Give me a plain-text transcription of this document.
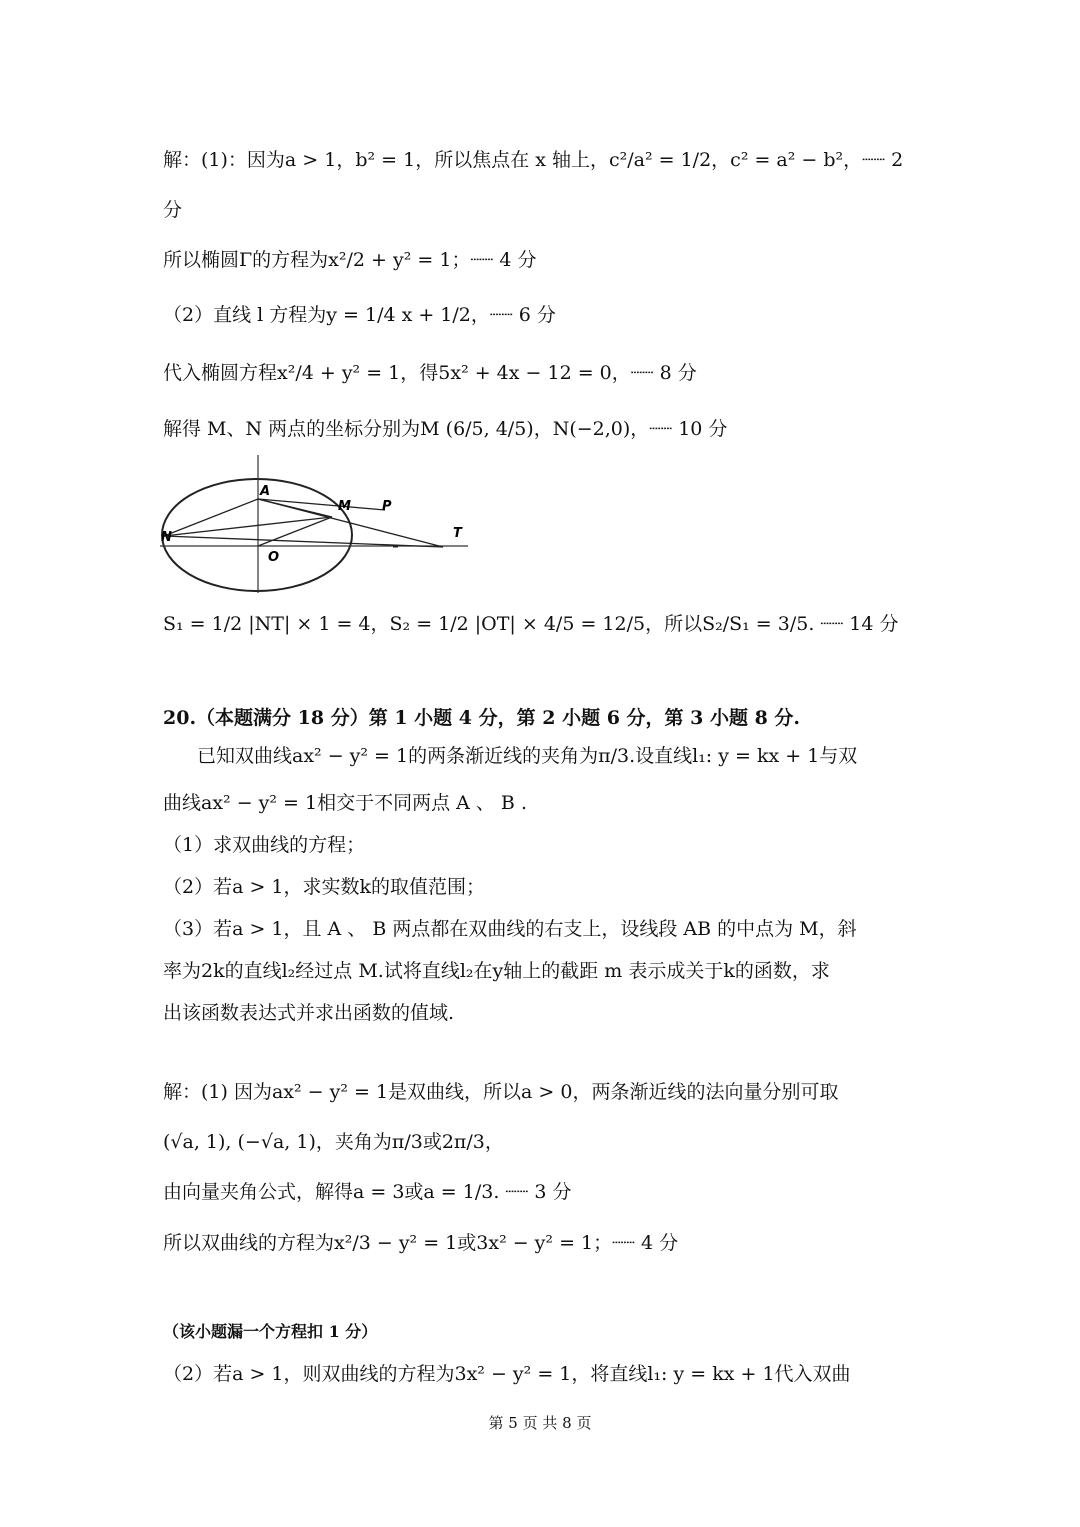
解：(1)：因为a > 1，b² = 1，所以焦点在 x 轴上，c²/a² = 1/2，c² = a² − b²，┈┈ 2
分
所以椭圆Γ的方程为x²/2 + y² = 1；┈┈ 4 分
（2）直线 l 方程为y = 1/4 x + 1/2，┈┈ 6 分
代入椭圆方程x²/4 + y² = 1，得5x² + 4x − 12 = 0，┈┈ 8 分
解得 M、N 两点的坐标分别为M (6/5, 4/5)，N(−2,0)，┈┈ 10 分
A
M P
N	T
O
S₁ = 1/2 |NT| × 1 = 4，S₂ = 1/2 |OT| × 4/5 = 12/5，所以S₂/S₁ = 3/5. ┈┈ 14 分
20.（本题满分 18 分）第 1 小题 4 分，第 2 小题 6 分，第 3 小题 8 分.
已知双曲线ax² − y² = 1的两条渐近线的夹角为π/3.设直线l₁: y = kx + 1与双
曲线ax² − y² = 1相交于不同两点 A 、 B .
（1）求双曲线的方程；
（2）若a > 1，求实数k的取值范围；
（3）若a > 1，且 A 、 B 两点都在双曲线的右支上，设线段 AB 的中点为 M，斜
率为2k的直线l₂经过点 M.试将直线l₂在y轴上的截距 m 表示成关于k的函数，求
出该函数表达式并求出函数的值域.
解：(1) 因为ax² − y² = 1是双曲线，所以a > 0，两条渐近线的法向量分别可取
(√a, 1), (−√a, 1)，夹角为π/3或2π/3，
由向量夹角公式，解得a = 3或a = 1/3. ┈┈ 3 分
所以双曲线的方程为x²/3 − y² = 1或3x² − y² = 1；┈┈ 4 分
（该小题漏一个方程扣 1 分）
（2）若a > 1，则双曲线的方程为3x² − y² = 1，将直线l₁: y = kx + 1代入双曲
第 5 页 共 8 页
